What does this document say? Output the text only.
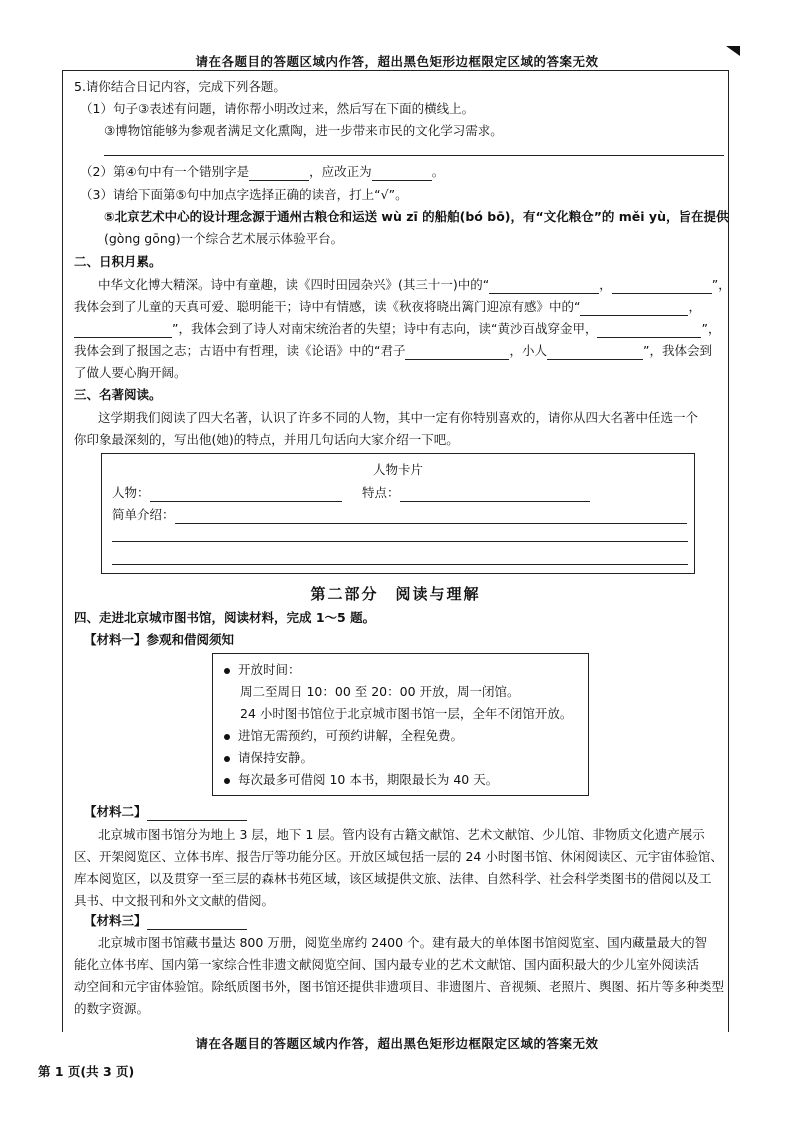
请在各题目的答题区域内作答，超出黑色矩形边框限定区域的答案无效
5.请你结合日记内容，完成下列各题。
（1）句子③表述有问题，请你帮小明改过来，然后写在下面的横线上。
③博物馆能够为参观者满足文化熏陶，进一步带来市民的文化学习需求。
（2）第④句中有一个错别字是	，应改正为	。
（3）请给下面第⑤句中加点字选择正确的读音，打上“√”。
⑤北京艺术中心的设计理念源于通州古粮仓和运送 wù zī 的船舶(bó bō)，有“文化粮仓”的 měi yù，旨在提供
(gòng gōng)一个综合艺术展示体验平台。
二、日积月累。
中华文化博大精深。诗中有童趣，读《四时田园杂兴》(其三十一)中的“	，	”，
我体会到了儿童的天真可爱、聪明能干；诗中有情感，读《秋夜将晓出篱门迎凉有感》中的“	，
”，我体会到了诗人对南宋统治者的失望；诗中有志向，读“黄沙百战穿金甲，	”，
我体会到了报国之志；古语中有哲理，读《论语》中的“君子	，小人	”，我体会到
了做人要心胸开阔。
三、名著阅读。
这学期我们阅读了四大名著，认识了许多不同的人物，其中一定有你特别喜欢的，请你从四大名著中任选一个
你印象最深刻的，写出他(她)的特点，并用几句话向大家介绍一下吧。
人物卡片
人物：	特点：
简单介绍：
第二部分　阅读与理解
四、走进北京城市图书馆，阅读材料，完成 1～5 题。
【材料一】参观和借阅须知
开放时间：
周二至周日 10：00 至 20：00 开放，周一闭馆。
24 小时图书馆位于北京城市图书馆一层，全年不闭馆开放。
进馆无需预约，可预约讲解，全程免费。
请保持安静。
每次最多可借阅 10 本书，期限最长为 40 天。
【材料二】
北京城市图书馆分为地上 3 层，地下 1 层。管内设有古籍文献馆、艺术文献馆、少儿馆、非物质文化遗产展示
区、开架阅览区、立体书库、报告厅等功能分区。开放区域包括一层的 24 小时图书馆、休闲阅读区、元宇宙体验馆、
库本阅览区，以及贯穿一至三层的森林书苑区域，该区域提供文旅、法律、自然科学、社会科学类图书的借阅以及工
具书、中文报刊和外文文献的借阅。
【材料三】
北京城市图书馆藏书量达 800 万册，阅览坐席约 2400 个。建有最大的单体图书馆阅览室、国内藏量最大的智
能化立体书库、国内第一家综合性非遗文献阅览空间、国内最专业的艺术文献馆、国内面积最大的少儿室外阅读活
动空间和元宇宙体验馆。除纸质图书外，图书馆还提供非遗项目、非遗图片、音视频、老照片、舆图、拓片等多种类型
的数字资源。
请在各题目的答题区域内作答，超出黑色矩形边框限定区域的答案无效
第 1 页(共 3 页)
